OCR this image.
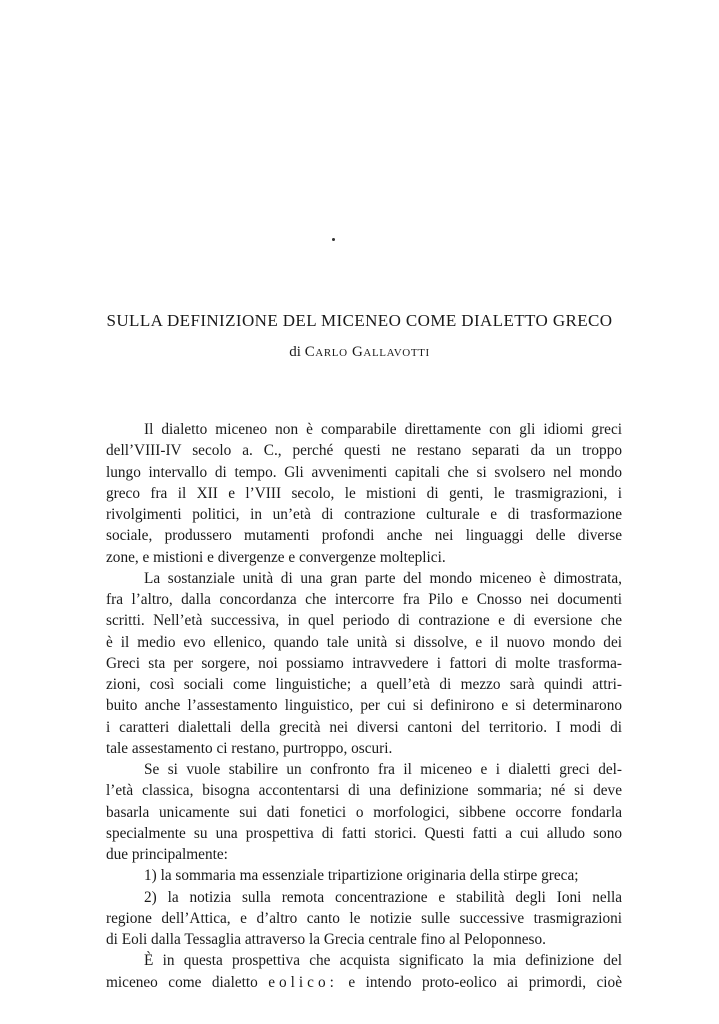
SULLA DEFINIZIONE DEL MICENEO COME DIALETTO GRECO
di Carlo Gallavotti
Il dialetto miceneo non è comparabile direttamente con gli idiomi greci
dell’VIII-IV secolo a. C., perché questi ne restano separati da un troppo
lungo intervallo di tempo. Gli avvenimenti capitali che si svolsero nel mondo
greco fra il XII e l’VIII secolo, le mistioni di genti, le trasmigrazioni, i
rivolgimenti politici, in un’età di contrazione culturale e di trasformazione
sociale, produssero mutamenti profondi anche nei linguaggi delle diverse
zone, e mistioni e divergenze e convergenze molteplici.
La sostanziale unità di una gran parte del mondo miceneo è dimostrata,
fra l’altro, dalla concordanza che intercorre fra Pilo e Cnosso nei documenti
scritti. Nell’età successiva, in quel periodo di contrazione e di eversione che
è il medio evo ellenico, quando tale unità si dissolve, e il nuovo mondo dei
Greci sta per sorgere, noi possiamo intravvedere i fattori di molte trasforma-
zioni, così sociali come linguistiche; a quell’età di mezzo sarà quindi attri-
buito anche l’assestamento linguistico, per cui si definirono e si determinarono
i caratteri dialettali della grecità nei diversi cantoni del territorio. I modi di
tale assestamento ci restano, purtroppo, oscuri.
Se si vuole stabilire un confronto fra il miceneo e i dialetti greci del-
l’età classica, bisogna accontentarsi di una definizione sommaria; né si deve
basarla unicamente sui dati fonetici o morfologici, sibbene occorre fondarla
specialmente su una prospettiva di fatti storici. Questi fatti a cui alludo sono
due principalmente:
1) la sommaria ma essenziale tripartizione originaria della stirpe greca;
2) la notizia sulla remota concentrazione e stabilità degli Ioni nella
regione dell’Attica, e d’altro canto le notizie sulle successive trasmigrazioni
di Eoli dalla Tessaglia attraverso la Grecia centrale fino al Peloponneso.
È in questa prospettiva che acquista significato la mia definizione del
miceneo come dialetto eolico: e intendo proto-eolico ai primordi, cioè
